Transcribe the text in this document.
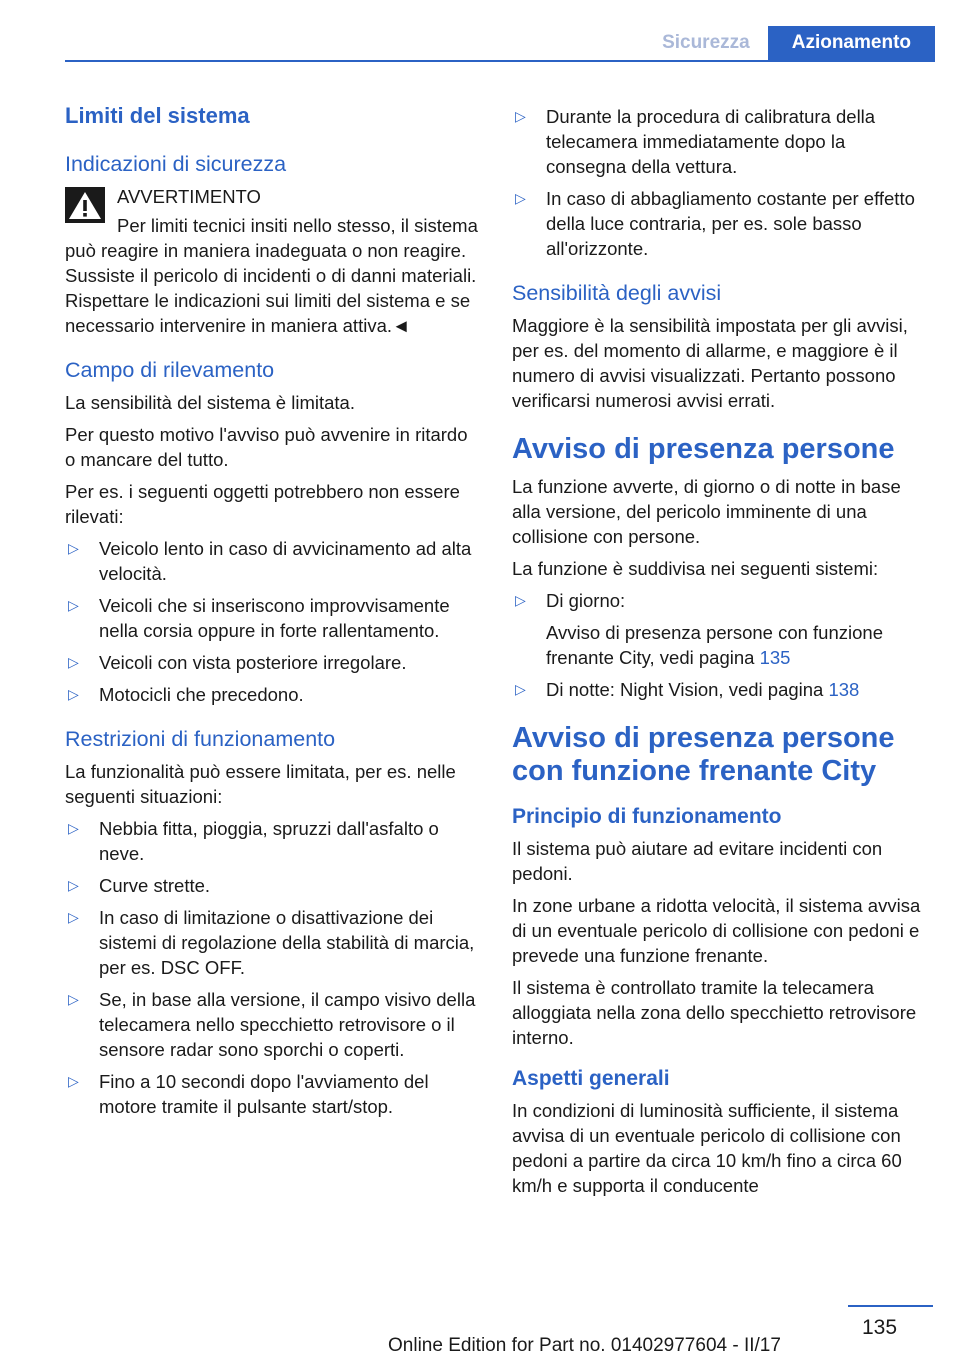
Sicurezza	Azionamento
Limiti del sistema
Indicazioni di sicurezza

AVVERTIMENTO

Per limiti tecnici insiti nello stesso, il sistema può reagire in maniera inadeguata o non reagire. Sussiste il pericolo di incidenti o di danni materiali. Rispettare le indicazioni sui limiti del sistema e se necessario intervenire in maniera attiva.◄

Campo di rilevamento

La sensibilità del sistema è limitata.

Per questo motivo l'avviso può avvenire in ritardo o mancare del tutto.

Per es. i seguenti oggetti potrebbero non essere rilevati:

▷ Veicolo lento in caso di avvicinamento ad alta velocità.
▷ Veicoli che si inseriscono improvvisamente nella corsia oppure in forte rallentamento.
▷ Veicoli con vista posteriore irregolare.
▷ Motocicli che precedono.
Restrizioni di funzionamento

La funzionalità può essere limitata, per es. nelle seguenti situazioni:

▷ Nebbia fitta, pioggia, spruzzi dall'asfalto o neve.
▷ Curve strette.
▷ In caso di limitazione o disattivazione dei sistemi di regolazione della stabilità di marcia, per es. DSC OFF.
▷ Se, in base alla versione, il campo visivo della telecamera nello specchietto retrovisore o il sensore radar sono sporchi o coperti.
▷ Fino a 10 secondi dopo l'avviamento del motore tramite il pulsante start/stop.
▷ Durante la procedura di calibratura della telecamera immediatamente dopo la consegna della vettura.
▷ In caso di abbagliamento costante per effetto della luce contraria, per es. sole basso all'orizzonte.
Sensibilità degli avvisi

Maggiore è la sensibilità impostata per gli avvisi, per es. del momento di allarme, e maggiore è il numero di avvisi visualizzati. Pertanto possono verificarsi numerosi avvisi errati.

Avviso di presenza persone

La funzione avverte, di giorno o di notte in base alla versione, del pericolo imminente di una collisione con persone.

La funzione è suddivisa nei seguenti sistemi:

▷ Di giorno:
Avviso di presenza persone con funzione frenante City, vedi pagina 135
▷ Di notte: Night Vision, vedi pagina 138
Avviso di presenza persone con funzione frenante City
Principio di funzionamento

Il sistema può aiutare ad evitare incidenti con pedoni.

In zone urbane a ridotta velocità, il sistema avvisa di un eventuale pericolo di collisione con pedoni e prevede una funzione frenante.

Il sistema è controllato tramite la telecamera alloggiata nella zona dello specchietto retrovisore interno.

Aspetti generali

In condizioni di luminosità sufficiente, il sistema avvisa di un eventuale pericolo di collisione con pedoni a partire da circa 10 km/h fino a circa 60 km/h e supporta il conducente

135
Online Edition for Part no. 01402977604 - II/17
